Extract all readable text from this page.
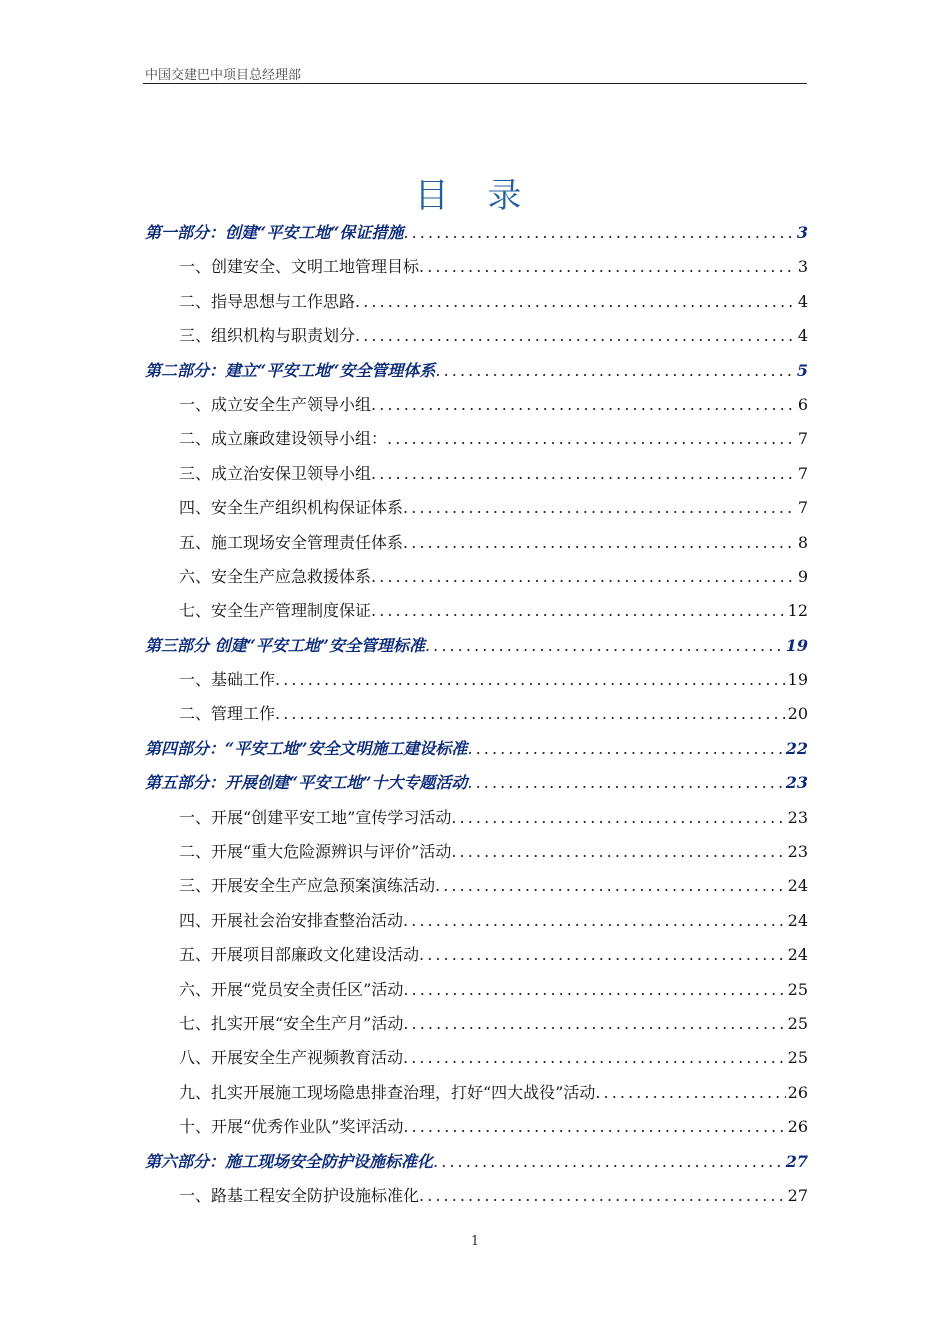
中国交建巴中项目总经理部
目 录
第一部分：创建“平安工地“保证措施 . . .	3
一、创建安全、文明工地管理目标 . . .	3
二、指导思想与工作思路 . . .	4
三、组织机构与职责划分 . . .	4
第二部分：建立“平安工地“安全管理体系 . . .	5
一、成立安全生产领导小组 . . .	6
二、成立廉政建设领导小组： . . .	7
三、成立治安保卫领导小组 . . .	7
四、安全生产组织机构保证体系 . . .	7
五、施工现场安全管理责任体系 . . .	8
六、安全生产应急救援体系 . . .	9
七、安全生产管理制度保证 . . .	12
第三部分 创建“平安工地”安全管理标准 . . .	19
一、基础工作 . . .	19
二、管理工作 . . .	20
第四部分：“平安工地”安全文明施工建设标准 . . .	22
第五部分：开展创建“平安工地”十大专题活动 . . .	23
一、开展“创建平安工地”宣传学习活动 . . .	23
二、开展“重大危险源辨识与评价”活动 . . .	23
三、开展安全生产应急预案演练活动 . . .	24
四、开展社会治安排查整治活动 . . .	24
五、开展项目部廉政文化建设活动 . . .	24
六、开展“党员安全责任区”活动 . . .	25
七、扎实开展“安全生产月”活动 . . .	25
八、开展安全生产视频教育活动 . . .	25
九、扎实开展施工现场隐患排查治理，打好“四大战役”活动 . . .	26
十、开展“优秀作业队”奖评活动 . . .	26
第六部分：施工现场安全防护设施标准化 . . .	27
一、路基工程安全防护设施标准化 . . .	27
1
